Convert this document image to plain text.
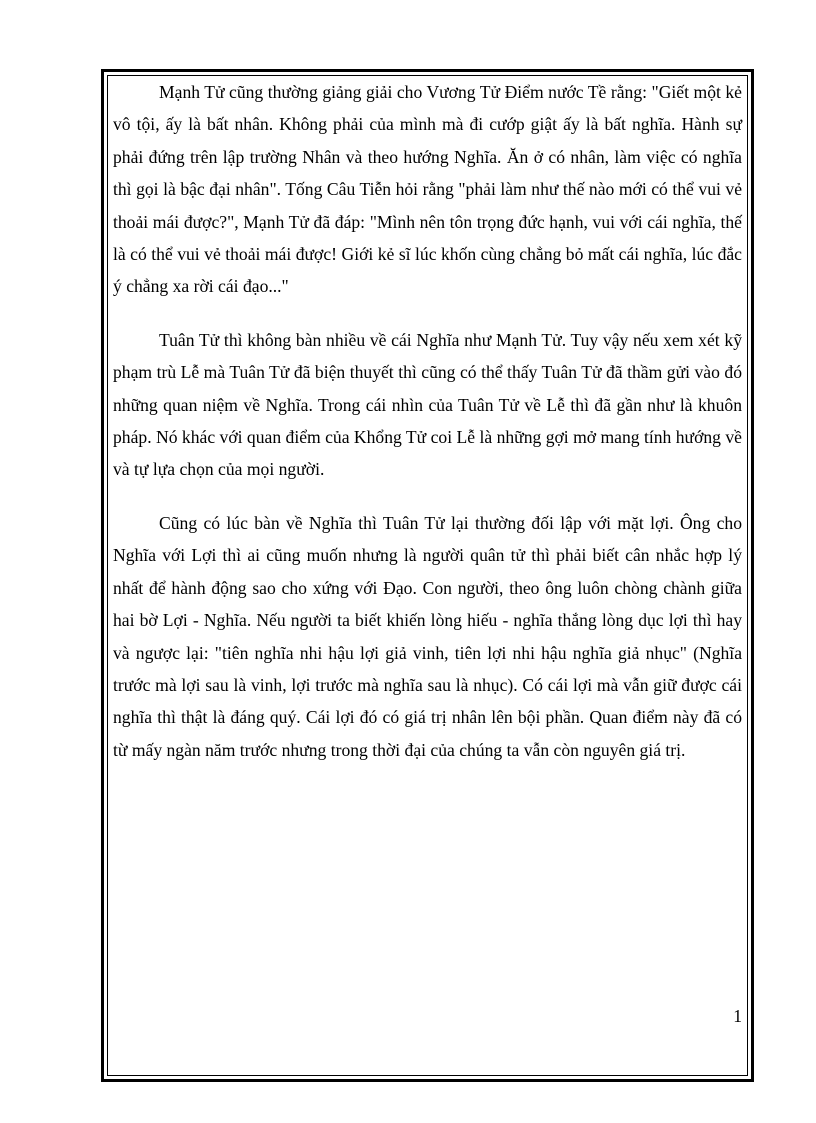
Mạnh Tử cũng thường giảng giải cho Vương Tử Điểm nước Tề rằng: "Giết một kẻ vô tội, ấy là bất nhân. Không phải của mình mà đi cướp giật ấy là bất nghĩa. Hành sự phải đứng trên lập trường Nhân và theo hướng Nghĩa. Ăn ở có nhân, làm việc có nghĩa thì gọi là bậc đại nhân". Tống Câu Tiễn hỏi rằng "phải làm như thế nào mới có thể vui vẻ thoải mái được?", Mạnh Tử đã đáp: "Mình nên tôn trọng đức hạnh, vui với cái nghĩa, thế là có thể vui vẻ thoải mái được! Giới kẻ sĩ lúc khốn cùng chẳng bỏ mất cái nghĩa, lúc đắc ý chẳng xa rời cái đạo..."

Tuân Tử thì không bàn nhiều về cái Nghĩa như Mạnh Tử. Tuy vậy nếu xem xét kỹ phạm trù Lễ mà Tuân Tử đã biện thuyết thì cũng có thể thấy Tuân Tử đã thầm gửi vào đó những quan niệm về Nghĩa. Trong cái nhìn của Tuân Tử về Lễ thì đã gần như là khuôn pháp. Nó khác với quan điểm của Khổng Tử coi Lễ là những gợi mở mang tính hướng về và tự lựa chọn của mọi người.

Cũng có lúc bàn về Nghĩa thì Tuân Tử lại thường đối lập với mặt lợi. Ông cho Nghĩa với Lợi thì ai cũng muốn nhưng là người quân tử thì phải biết cân nhắc hợp lý nhất để hành động sao cho xứng với Đạo. Con người, theo ông luôn chòng chành giữa hai bờ Lợi - Nghĩa. Nếu người ta biết khiến lòng hiếu - nghĩa thắng lòng dục lợi thì hay và ngược lại: "tiên nghĩa nhi hậu lợi giả vinh, tiên lợi nhi hậu nghĩa giả nhục" (Nghĩa trước mà lợi sau là vinh, lợi trước mà nghĩa sau là nhục). Có cái lợi mà vẫn giữ được cái nghĩa thì thật là đáng quý. Cái lợi đó có giá trị nhân lên bội phần. Quan điểm này đã có từ mấy ngàn năm trước nhưng trong thời đại của chúng ta vẫn còn nguyên giá trị.

1
